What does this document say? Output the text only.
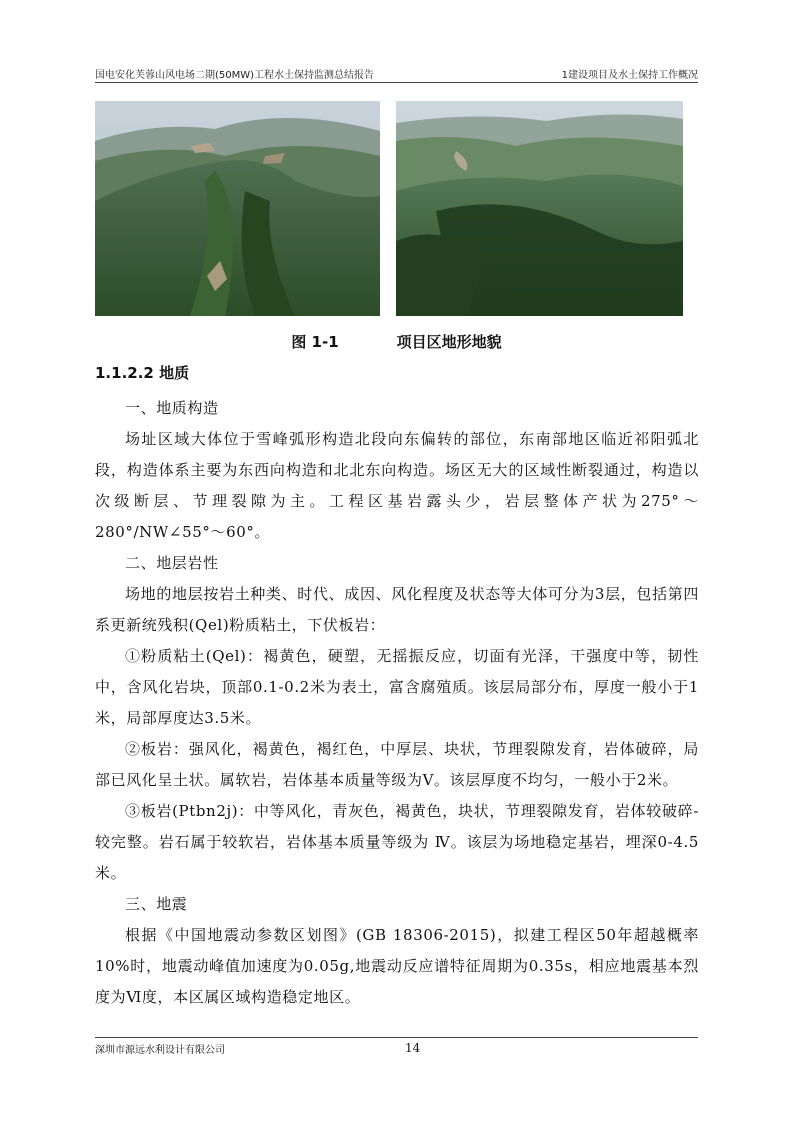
国电安化芙蓉山风电场二期(50MW)工程水土保持监测总结报告	1建设项目及水土保持工作概况
图 1-1	项目区地形地貌
1.1.2.2 地质

一、地质构造

场址区域大体位于雪峰弧形构造北段向东偏转的部位，东南部地区临近祁阳弧北段，构造体系主要为东西向构造和北北东向构造。场区无大的区域性断裂通过，构造以次级断层、节理裂隙为主。工程区基岩露头少，岩层整体产状为275°～280°/NW∠55°～60°。

二、地层岩性

场地的地层按岩土种类、时代、成因、风化程度及状态等大体可分为3层，包括第四系更新统残积(Qel)粉质粘土，下伏板岩：

①粉质粘土(Qel)：褐黄色，硬塑，无摇振反应，切面有光泽，干强度中等，韧性中，含风化岩块，顶部0.1-0.2米为表土，富含腐殖质。该层局部分布，厚度一般小于1米，局部厚度达3.5米。

②板岩：强风化，褐黄色，褐红色，中厚层、块状，节理裂隙发育，岩体破碎，局部已风化呈土状。属软岩，岩体基本质量等级为Ⅴ。该层厚度不均匀，一般小于2米。

③板岩(Ptbn2j)：中等风化，青灰色，褐黄色，块状，节理裂隙发育，岩体较破碎-较完整。岩石属于较软岩，岩体基本质量等级为 Ⅳ。该层为场地稳定基岩，埋深0-4.5米。

三、地震

根据《中国地震动参数区划图》(GB 18306-2015)，拟建工程区50年超越概率10%时，地震动峰值加速度为0.05g,地震动反应谱特征周期为0.35s，相应地震基本烈度为Ⅵ度，本区属区域构造稳定地区。

深圳市源远水利设计有限公司	14
